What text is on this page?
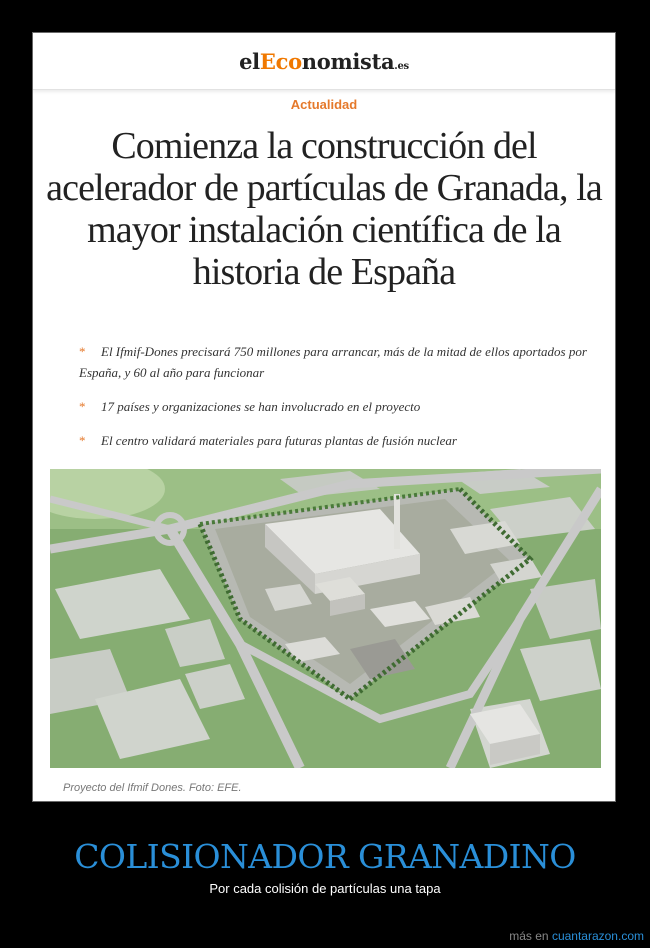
elEconomista.es
Actualidad
Comienza la construcción del acelerador de partículas de Granada, la mayor instalación científica de la historia de España
* El Ifmif-Dones precisará 750 millones para arrancar, más de la mitad de ellos aportados por España, y 60 al año para funcionar
* 17 países y organizaciones se han involucrado en el proyecto
* El centro validará materiales para futuras plantas de fusión nuclear
Proyecto del Ifmif Dones. Foto: EFE.
COLISIONADOR GRANADINO
Por cada colisión de partículas una tapa
más en cuantarazon.com
